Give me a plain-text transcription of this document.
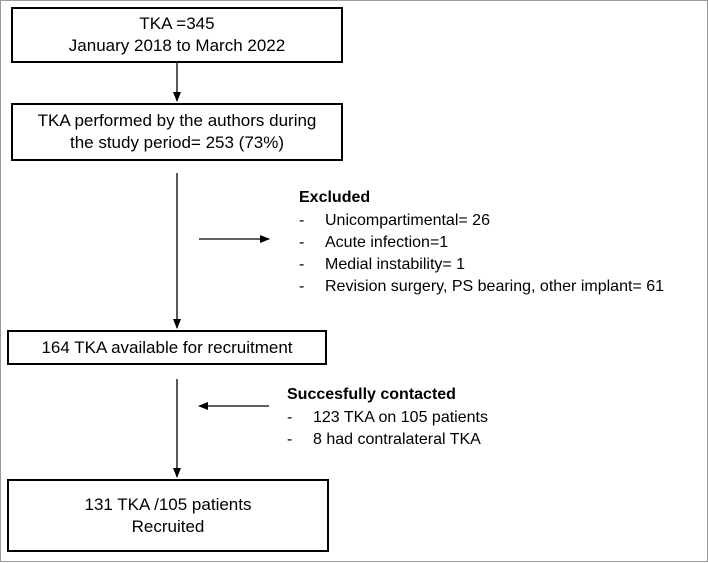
TKA =345
January 2018 to March 2022
TKA performed by the authors during
the study period= 253 (73%)
Excluded
- Unicompartimental= 26
- Acute infection=1
- Medial instability= 1
- Revision surgery, PS bearing, other implant= 61
164 TKA available for recruitment
Succesfully contacted
- 123 TKA on 105 patients
- 8 had contralateral TKA
131 TKA /105 patients
Recruited
